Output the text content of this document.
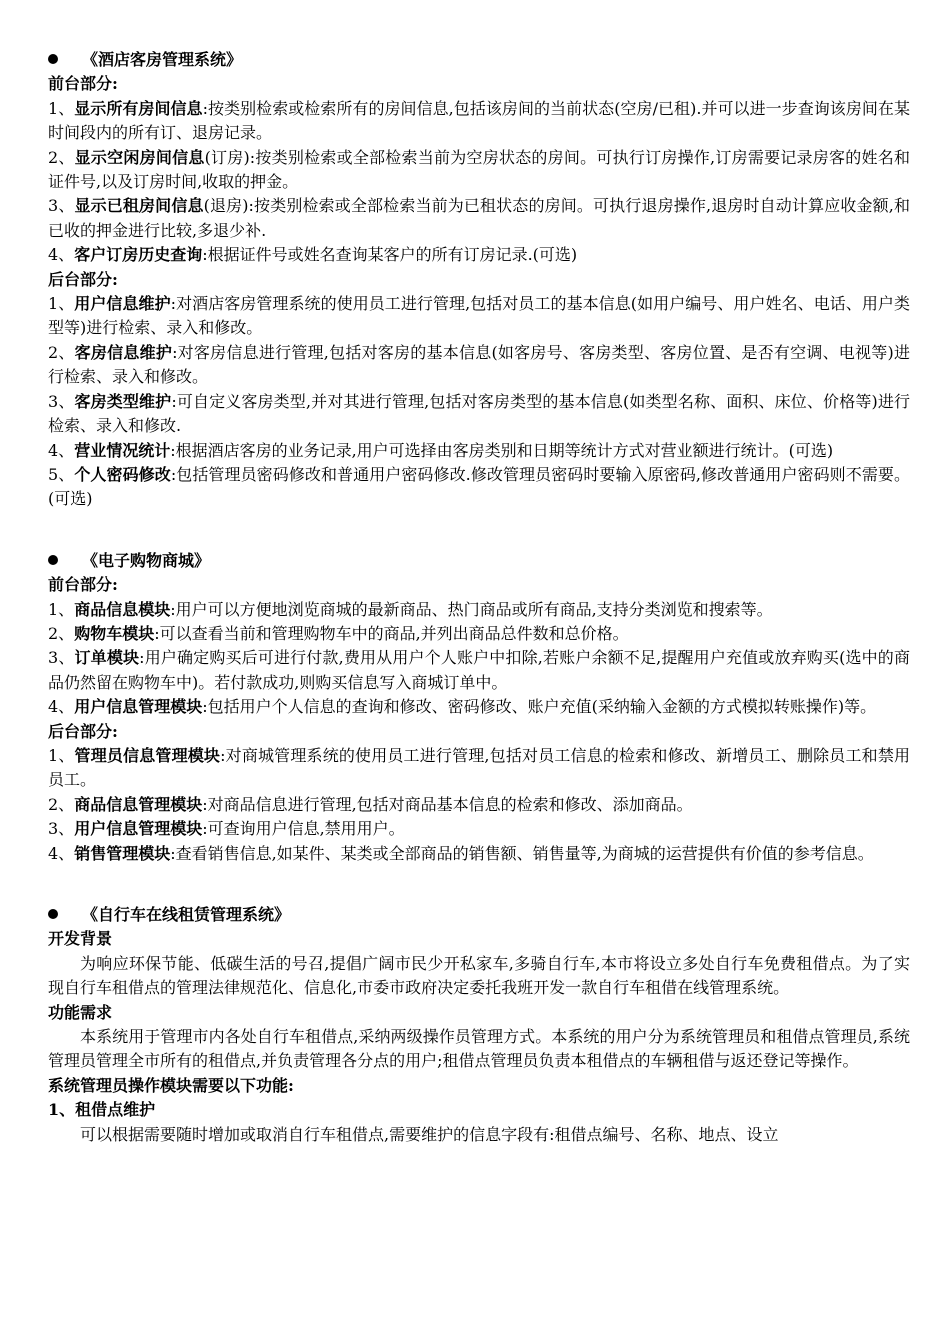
《酒店客房管理系统》

前台部分:

1、显示所有房间信息:按类别检索或检索所有的房间信息,包括该房间的当前状态(空房/已租).并可以进一步查询该房间在某时间段内的所有订、退房记录。

2、显示空闲房间信息(订房):按类别检索或全部检索当前为空房状态的房间。可执行订房操作,订房需要记录房客的姓名和证件号,以及订房时间,收取的押金。

3、显示已租房间信息(退房):按类别检索或全部检索当前为已租状态的房间。可执行退房操作,退房时自动计算应收金额,和已收的押金进行比较,多退少补.

4、客户订房历史查询:根据证件号或姓名查询某客户的所有订房记录.(可选)

后台部分:

1、用户信息维护:对酒店客房管理系统的使用员工进行管理,包括对员工的基本信息(如用户编号、用户姓名、电话、用户类型等)进行检索、录入和修改。

2、客房信息维护:对客房信息进行管理,包括对客房的基本信息(如客房号、客房类型、客房位置、是否有空调、电视等)进行检索、录入和修改。

3、客房类型维护:可自定义客房类型,并对其进行管理,包括对客房类型的基本信息(如类型名称、面积、床位、价格等)进行检索、录入和修改.

4、营业情况统计:根据酒店客房的业务记录,用户可选择由客房类别和日期等统计方式对营业额进行统计。(可选)

5、个人密码修改:包括管理员密码修改和普通用户密码修改.修改管理员密码时要输入原密码,修改普通用户密码则不需要。(可选)

《电子购物商城》

前台部分:

1、商品信息模块:用户可以方便地浏览商城的最新商品、热门商品或所有商品,支持分类浏览和搜索等。

2、购物车模块:可以查看当前和管理购物车中的商品,并列出商品总件数和总价格。

3、订单模块:用户确定购买后可进行付款,费用从用户个人账户中扣除,若账户余额不足,提醒用户充值或放弃购买(选中的商品仍然留在购物车中)。若付款成功,则购买信息写入商城订单中。

4、用户信息管理模块:包括用户个人信息的查询和修改、密码修改、账户充值(采纳输入金额的方式模拟转账操作)等。

后台部分:

1、管理员信息管理模块:对商城管理系统的使用员工进行管理,包括对员工信息的检索和修改、新增员工、删除员工和禁用员工。

2、商品信息管理模块:对商品信息进行管理,包括对商品基本信息的检索和修改、添加商品。

3、用户信息管理模块:可查询用户信息,禁用用户。

4、销售管理模块:查看销售信息,如某件、某类或全部商品的销售额、销售量等,为商城的运营提供有价值的参考信息。

《自行车在线租赁管理系统》

开发背景

为响应环保节能、低碳生活的号召,提倡广阔市民少开私家车,多骑自行车,本市将设立多处自行车免费租借点。为了实现自行车租借点的管理法律规范化、信息化,市委市政府决定委托我班开发一款自行车租借在线管理系统。

功能需求

本系统用于管理市内各处自行车租借点,采纳两级操作员管理方式。本系统的用户分为系统管理员和租借点管理员,系统管理员管理全市所有的租借点,并负责管理各分点的用户;租借点管理员负责本租借点的车辆租借与返还登记等操作。

系统管理员操作模块需要以下功能:

1、租借点维护

可以根据需要随时增加或取消自行车租借点,需要维护的信息字段有:租借点编号、名称、地点、设立
